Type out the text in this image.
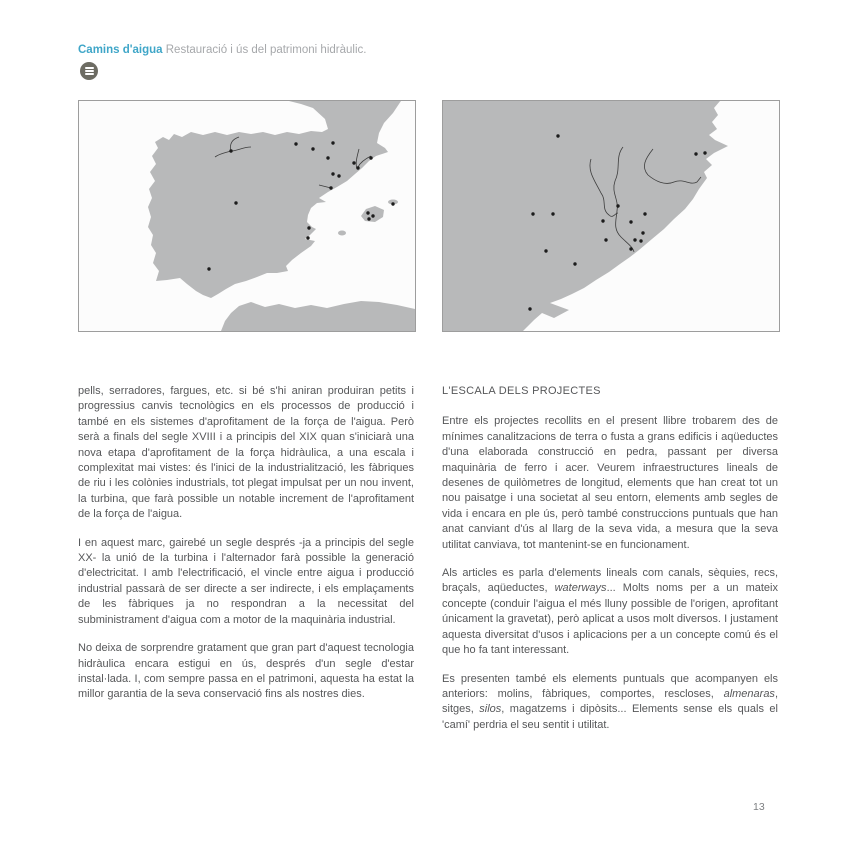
Camins d'aigua Restauració i ús del patrimoni hidràulic.

pells, serradores, fargues, etc. si bé s'hi aniran produiran petits i progressius canvis tecnològics en els processos de producció i també en els sistemes d'aprofitament de la força de l'aigua. Però serà a finals del segle XVIII i a principis del XIX quan s'iniciarà una nova etapa d'aprofitament de la força hidràulica, a una escala i complexitat mai vistes: és l'inici de la industrialització, les fàbriques de riu i les colònies industrials, tot plegat impulsat per un nou invent, la turbina, que farà possible un notable increment de l'aprofitament de la força de l'aigua.

I en aquest marc, gairebé un segle després -ja a principis del segle XX- la unió de la turbina i l'alternador farà possible la generació d'electricitat. I amb l'electrificació, el vincle entre aigua i producció industrial passarà de ser directe a ser indirecte, i els emplaçaments de les fàbriques ja no respondran a la necessitat del subministrament d'aigua com a motor de la maquinària industrial.

No deixa de sorprendre gratament que gran part d'aquest tecnologia hidràulica encara estigui en ús, després d'un segle d'estar instal·lada. I, com sempre passa en el patrimoni, aquesta ha estat la millor garantia de la seva conservació fins als nostres dies.

L'ESCALA DELS PROJECTES

Entre els projectes recollits en el present llibre trobarem des de mínimes canalitzacions de terra o fusta a grans edificis i aqüeductes d'una elaborada construcció en pedra, passant per diversa maquinària de ferro i acer. Veurem infraestructures lineals de desenes de quilòmetres de longitud, elements que han creat tot un nou paisatge i una societat al seu entorn, elements amb segles de vida i encara en ple ús, però també construccions puntuals que han anat canviant d'ús al llarg de la seva vida, a mesura que la seva utilitat canviava, tot mantenint-se en funcionament.

Als articles es parla d'elements lineals com canals, sèquies, recs, braçals, aqüeductes, waterways... Molts noms per a un mateix concepte (conduir l'aigua el més lluny possible de l'origen, aprofitant únicament la gravetat), però aplicat a usos molt diversos. I justament aquesta diversitat d'usos i aplicacions per a un concepte comú és el que ho fa tant interessant.

Es presenten també els elements puntuals que acompanyen els anteriors: molins, fàbriques, comportes, rescloses, almenaras, sitges, silos, magatzems i dipòsits... Elements sense els quals el 'camí' perdria el seu sentit i utilitat.

13
